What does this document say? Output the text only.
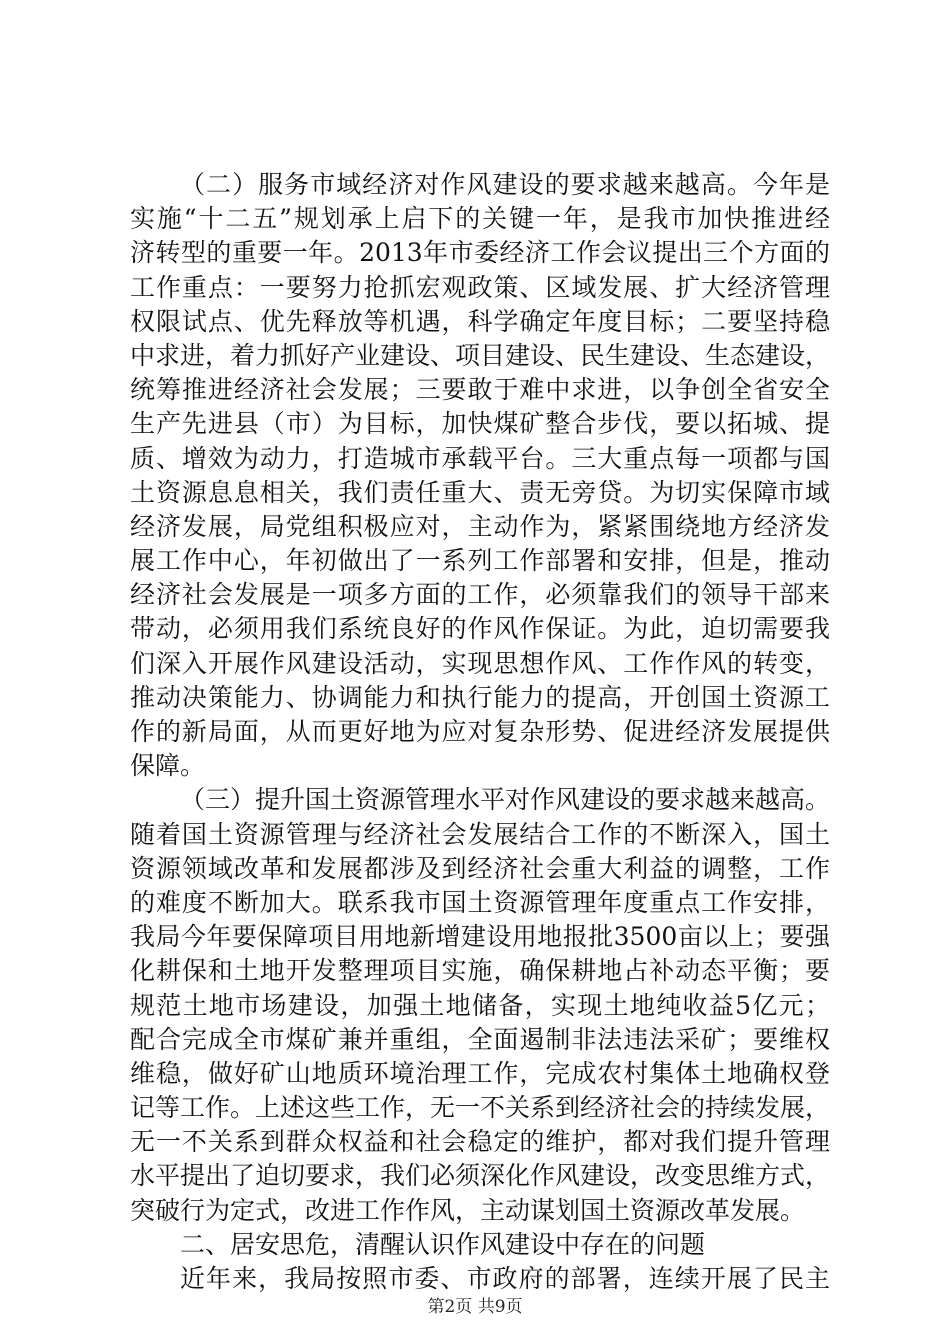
（二）服务市域经济对作风建设的要求越来越高。今年是
实施“十二五”规划承上启下的关键一年，是我市加快推进经
济转型的重要一年。2013年市委经济工作会议提出三个方面的
工作重点：一要努力抢抓宏观政策、区域发展、扩大经济管理
权限试点、优先释放等机遇，科学确定年度目标；二要坚持稳
中求进，着力抓好产业建设、项目建设、民生建设、生态建设，
统筹推进经济社会发展；三要敢于难中求进，以争创全省安全
生产先进县（市）为目标，加快煤矿整合步伐，要以拓城、提
质、增效为动力，打造城市承载平台。三大重点每一项都与国
土资源息息相关，我们责任重大、责无旁贷。为切实保障市域
经济发展，局党组积极应对，主动作为，紧紧围绕地方经济发
展工作中心，年初做出了一系列工作部署和安排，但是，推动
经济社会发展是一项多方面的工作，必须靠我们的领导干部来
带动，必须用我们系统良好的作风作保证。为此，迫切需要我
们深入开展作风建设活动，实现思想作风、工作作风的转变，
推动决策能力、协调能力和执行能力的提高，开创国土资源工
作的新局面，从而更好地为应对复杂形势、促进经济发展提供
保障。
（三）提升国土资源管理水平对作风建设的要求越来越高。
随着国土资源管理与经济社会发展结合工作的不断深入，国土
资源领域改革和发展都涉及到经济社会重大利益的调整，工作
的难度不断加大。联系我市国土资源管理年度重点工作安排，
我局今年要保障项目用地新增建设用地报批3500亩以上；要强
化耕保和土地开发整理项目实施，确保耕地占补动态平衡；要
规范土地市场建设，加强土地储备，实现土地纯收益5亿元；
配合完成全市煤矿兼并重组，全面遏制非法违法采矿；要维权
维稳，做好矿山地质环境治理工作，完成农村集体土地确权登
记等工作。上述这些工作，无一不关系到经济社会的持续发展，
无一不关系到群众权益和社会稳定的维护，都对我们提升管理
水平提出了迫切要求，我们必须深化作风建设，改变思维方式，
突破行为定式，改进工作作风，主动谋划国土资源改革发展。
二、居安思危，清醒认识作风建设中存在的问题
近年来，我局按照市委、市政府的部署，连续开展了民主
第2页 共9页
